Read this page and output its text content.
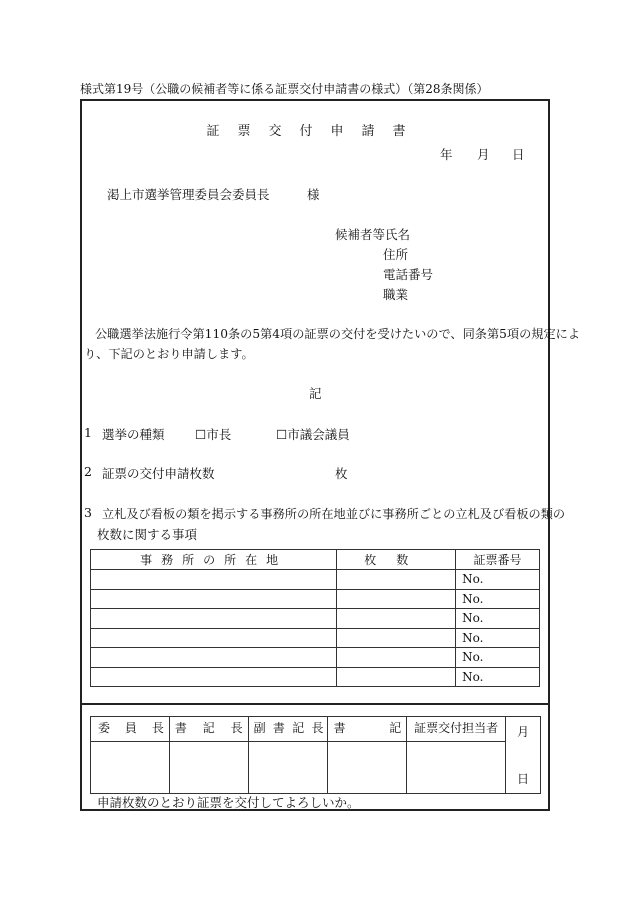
様式第19号（公職の候補者等に係る証票交付申請書の様式）（第28条関係）
証票交付申請書
年 月 日
渇上市選挙管理委員会委員長	様
候補者等氏名
住所
電話番号
職業
公職選挙法施行令第110条の5第4項の証票の交付を受けたいので、同条第5項の規定によ
り、下記のとおり申請します。
記
1 選挙の種類 ☐市長	☐市議会議員
2 証票の交付申請枚数	枚
3 立札及び看板の類を掲示する事務所の所在地並びに事務所ごとの立札及び看板の類の
枚数に関する事項
事務所の所在地	枚数	証票番号
		No.
		No.
		No.
		No.
		No.
		No.
委員長	書記長	副書記長	書記	証票交付担当者	月
日

申請枚数のとおり証票を交付してよろしいか。
